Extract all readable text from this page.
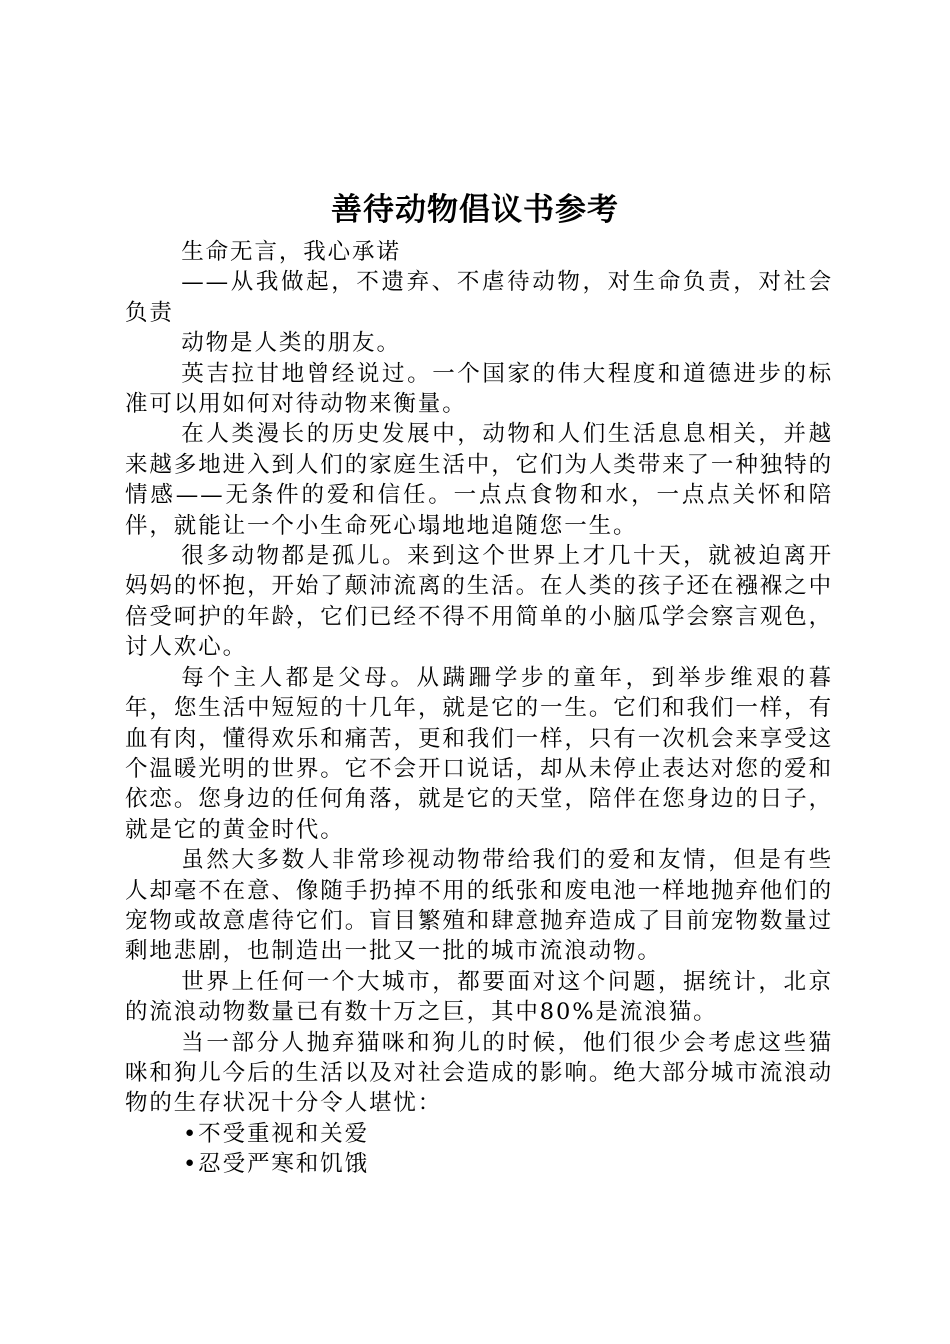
善待动物倡议书参考

生命无言，我心承诺

——从我做起，不遗弃、不虐待动物，对生命负责，对社会负责

动物是人类的朋友。

英吉拉甘地曾经说过。一个国家的伟大程度和道德进步的标准可以用如何对待动物来衡量。

在人类漫长的历史发展中，动物和人们生活息息相关，并越来越多地进入到人们的家庭生活中，它们为人类带来了一种独特的情感——无条件的爱和信任。一点点食物和水，一点点关怀和陪伴，就能让一个小生命死心塌地地追随您一生。

很多动物都是孤儿。来到这个世界上才几十天，就被迫离开妈妈的怀抱，开始了颠沛流离的生活。在人类的孩子还在襁褓之中倍受呵护的年龄，它们已经不得不用简单的小脑瓜学会察言观色，讨人欢心。

每个主人都是父母。从蹒跚学步的童年，到举步维艰的暮年，您生活中短短的十几年，就是它的一生。它们和我们一样，有血有肉，懂得欢乐和痛苦，更和我们一样，只有一次机会来享受这个温暖光明的世界。它不会开口说话，却从未停止表达对您的爱和依恋。您身边的任何角落，就是它的天堂，陪伴在您身边的日子，就是它的黄金时代。

虽然大多数人非常珍视动物带给我们的爱和友情，但是有些人却毫不在意、像随手扔掉不用的纸张和废电池一样地抛弃他们的宠物或故意虐待它们。盲目繁殖和肆意抛弃造成了目前宠物数量过剩地悲剧，也制造出一批又一批的城市流浪动物。

世界上任何一个大城市，都要面对这个问题，据统计，北京的流浪动物数量已有数十万之巨，其中80%是流浪猫。

当一部分人抛弃猫咪和狗儿的时候，他们很少会考虑这些猫咪和狗儿今后的生活以及对社会造成的影响。绝大部分城市流浪动物的生存状况十分令人堪忧：

•不受重视和关爱

•忍受严寒和饥饿
